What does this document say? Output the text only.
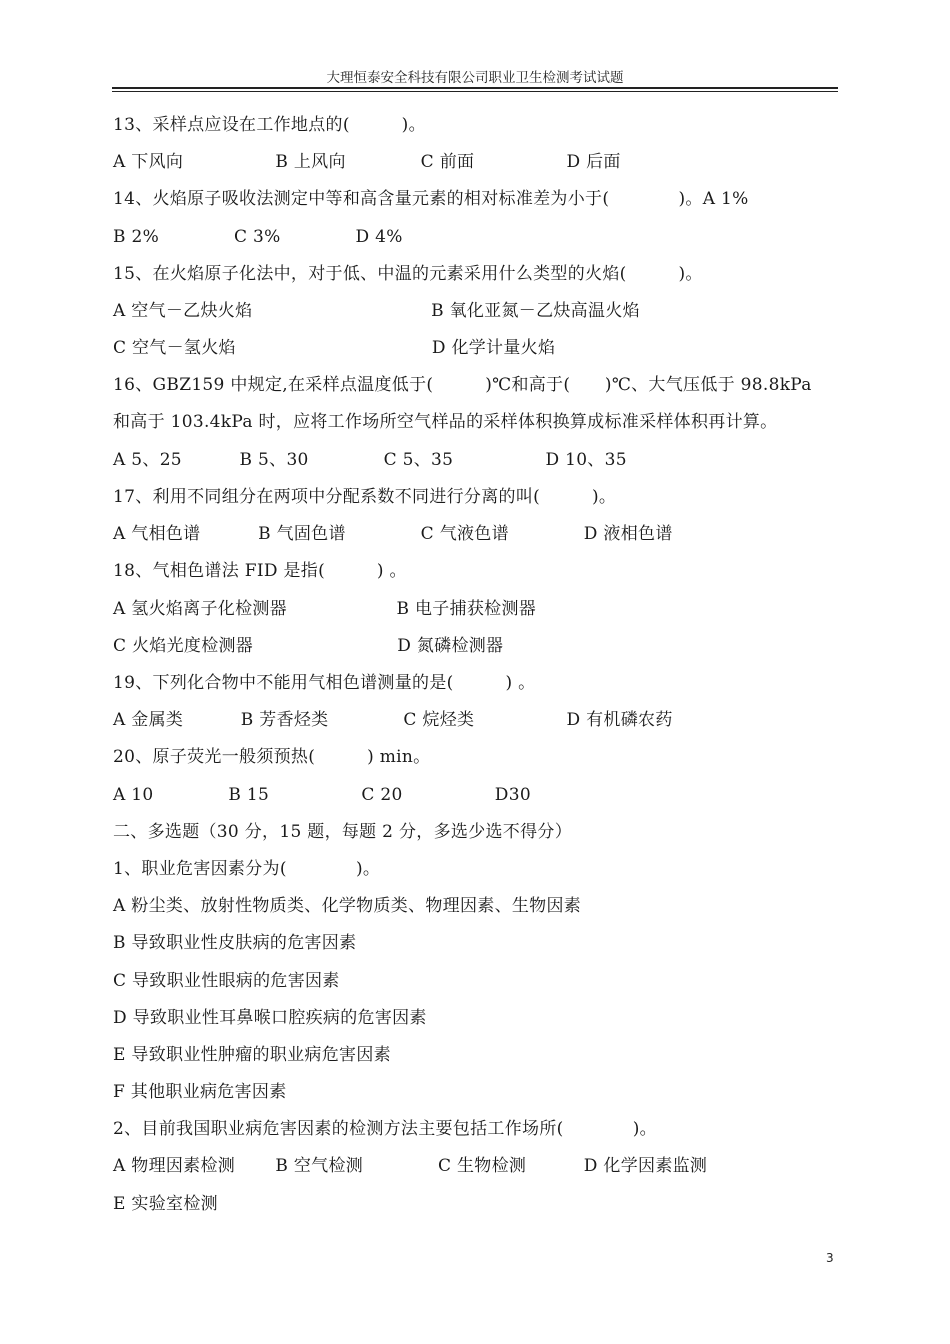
大理恒泰安全科技有限公司职业卫生检测考试试题
13、采样点应设在工作地点的(　　　)。
A 下风向　　　　　 B 上风向　　　　 C 前面　　　　　 D 后面
14、火焰原子吸收法测定中等和高含量元素的相对标准差为小于(　　　　)。A 1%
B 2%　　　　 C 3%　　　　 D 4%
15、在火焰原子化法中，对于低、中温的元素采用什么类型的火焰(　　　)。
A 空气－乙炔火焰　　　　　　　　　　 B 氧化亚氮－乙炔高温火焰
C 空气－氢火焰　　　　　　　　　　　 D 化学计量火焰
16、GBZ159 中规定,在采样点温度低于(　　　)℃和高于(　　)℃、大气压低于 98.8kPa
和高于 103.4kPa 时，应将工作场所空气样品的采样体积换算成标准采样体积再计算。
A 5、25　　　 B 5、30　　　　 C 5、35　　　　　 D 10、35
17、利用不同组分在两项中分配系数不同进行分离的叫(　　　)。
A 气相色谱　　　 B 气固色谱　　　　 C 气液色谱　　　　 D 液相色谱
18、气相色谱法 FID 是指(　　　) 。
A 氢火焰离子化检测器　　　　　　 B 电子捕获检测器
C 火焰光度检测器　　　　　　　　 D 氮磷检测器
19、下列化合物中不能用气相色谱测量的是(　　　) 。
A 金属类　　　 B 芳香烃类　　　　 C 烷烃类　　　　　 D 有机磷农药
20、原子荧光一般须预热(　　　) min。
A 10　　　　 B 15　　　　　 C 20　　　　　 D30
二、多选题（30 分，15 题，每题 2 分，多选少选不得分）
1、职业危害因素分为(　　　　)。
A 粉尘类、放射性物质类、化学物质类、物理因素、生物因素
B 导致职业性皮肤病的危害因素
C 导致职业性眼病的危害因素
D 导致职业性耳鼻喉口腔疾病的危害因素
E 导致职业性肿瘤的职业病危害因素
F 其他职业病危害因素
2、目前我国职业病危害因素的检测方法主要包括工作场所(　　　　)。
A 物理因素检测　　 B 空气检测　　　　 C 生物检测　　　 D 化学因素监测
E 实验室检测
3
